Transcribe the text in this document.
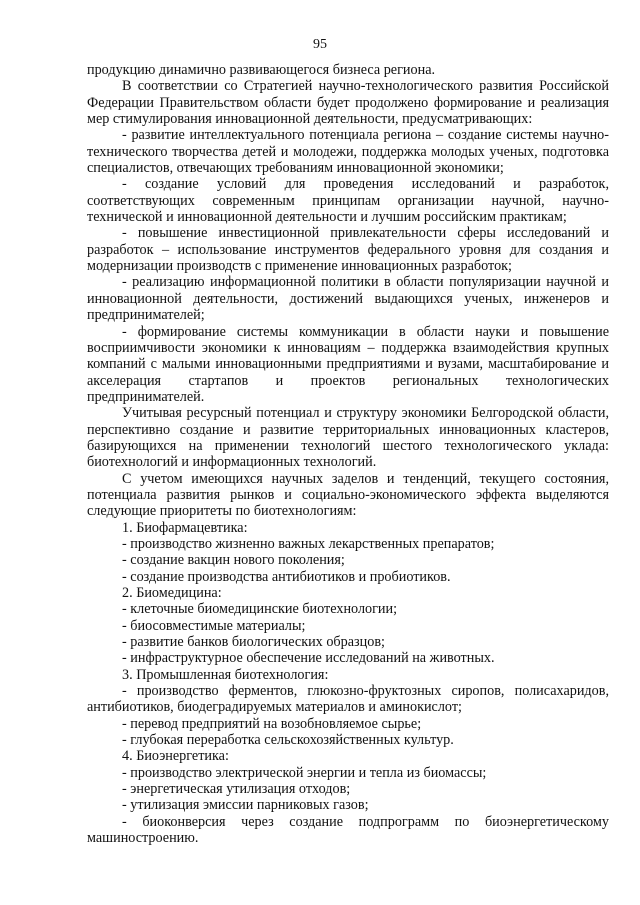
95

продукцию динамично развивающегося бизнеса региона.

В соответствии со Стратегией научно-технологического развития Российской Федерации Правительством области будет продолжено формирование и реализация мер стимулирования инновационной деятельности, предусматривающих:

- развитие интеллектуального потенциала региона – создание системы научно-технического творчества детей и молодежи, поддержка молодых ученых, подготовка специалистов, отвечающих требованиям инновационной экономики;

- создание условий для проведения исследований и разработок, соответствующих современным принципам организации научной, научно-технической и инновационной деятельности и лучшим российским практикам;

- повышение инвестиционной привлекательности сферы исследований и разработок – использование инструментов федерального уровня для создания и модернизации производств с применение инновационных разработок;

- реализацию информационной политики в области популяризации научной и инновационной деятельности, достижений выдающихся ученых, инженеров и предпринимателей;

- формирование системы коммуникации в области науки и повышение восприимчивости экономики к инновациям – поддержка взаимодействия крупных компаний с малыми инновационными предприятиями и вузами, масштабирование и акселерация стартапов и проектов региональных технологических предпринимателей.

Учитывая ресурсный потенциал и структуру экономики Белгородской области, перспективно создание и развитие территориальных инновационных кластеров, базирующихся на применении технологий шестого технологического уклада: биотехнологий и информационных технологий.

С учетом имеющихся научных заделов и тенденций, текущего состояния, потенциала развития рынков и социально-экономического эффекта выделяются следующие приоритеты по биотехнологиям:

1. Биофармацевтика:

- производство жизненно важных лекарственных препаратов;

- создание вакцин нового поколения;

- создание производства антибиотиков и пробиотиков.

2. Биомедицина:

- клеточные биомедицинские биотехнологии;

- биосовместимые материалы;

- развитие банков биологических образцов;

- инфраструктурное обеспечение исследований на животных.

3. Промышленная биотехнология:

- производство ферментов, глюкозно-фруктозных сиропов, полисахаридов, антибиотиков, биодеградируемых материалов и аминокислот;

- перевод предприятий на возобновляемое сырье;

- глубокая переработка сельскохозяйственных культур.

4. Биоэнергетика:

- производство электрической энергии и тепла из биомассы;

- энергетическая утилизация отходов;

- утилизация эмиссии парниковых газов;

- биоконверсия через создание подпрограмм по биоэнергетическому машиностроению.
